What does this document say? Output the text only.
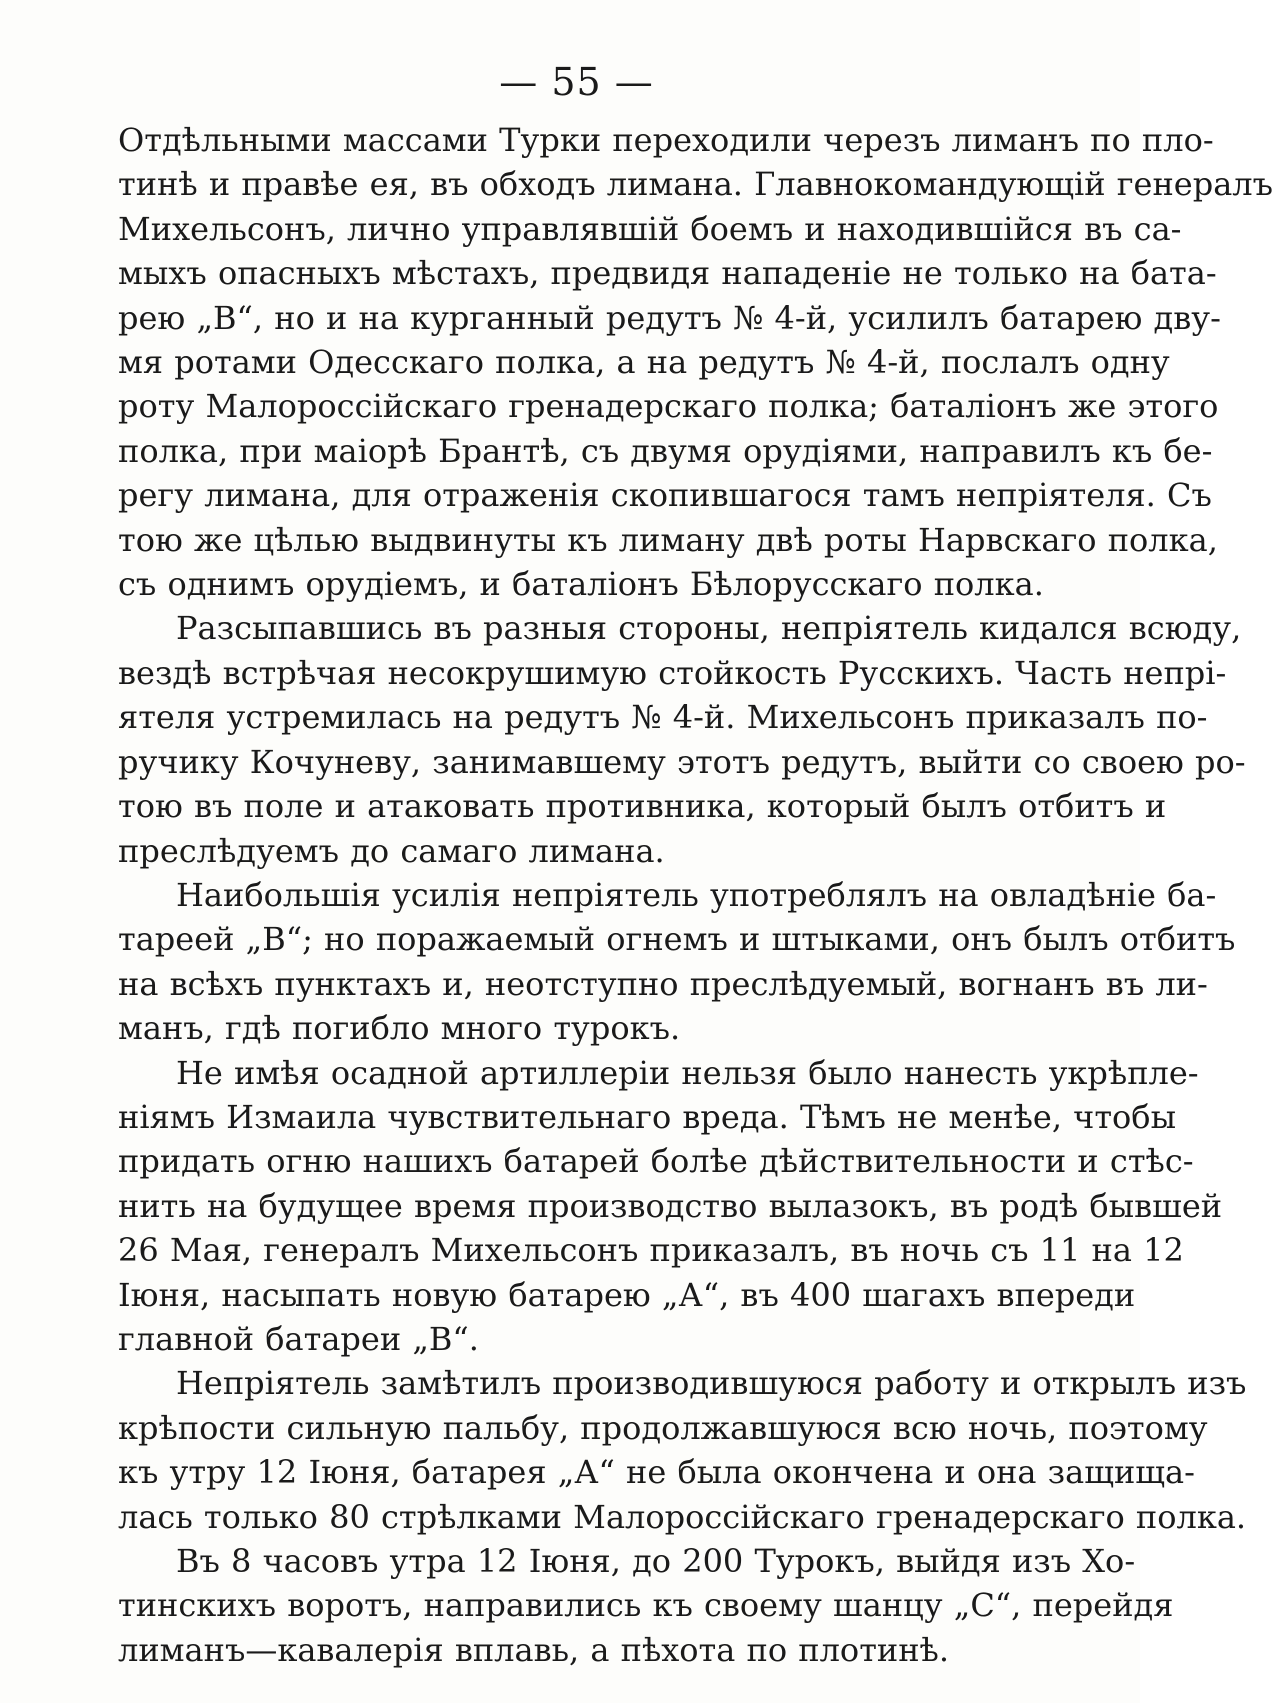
— 55 —

Отдѣльными массами Турки переходили черезъ лиманъ по пло-
тинѣ и правѣе ея, въ обходъ лимана. Главнокомандующій генералъ
Михельсонъ, лично управлявшій боемъ и находившійся въ са-
мыхъ опасныхъ мѣстахъ, предвидя нападеніе не только на бата-
рею „В“, но и на курганный редутъ № 4-й, усилилъ батарею дву-
мя ротами Одесскаго полка, а на редутъ № 4-й, послалъ одну
роту Малороссійскаго гренадерскаго полка; баталіонъ же этого
полка, при маіорѣ Брантѣ, съ двумя орудіями, направилъ къ бе-
регу лимана, для отраженія скопившагося тамъ непріятеля. Съ
тою же цѣлью выдвинуты къ лиману двѣ роты Нарвскаго полка,
съ однимъ орудіемъ, и баталіонъ Бѣлорусскаго полка.

Разсыпавшись въ разныя стороны, непріятель кидался всюду,
вездѣ встрѣчая несокрушимую стойкость Русскихъ. Часть непрі-
ятеля устремилась на редутъ № 4-й. Михельсонъ приказалъ по-
ручику Кочуневу, занимавшему этотъ редутъ, выйти со своею ро-
тою въ поле и атаковать противника, который былъ отбитъ и
преслѣдуемъ до самаго лимана.

Наибольшія усилія непріятель употреблялъ на овладѣніе ба-
тареей „В“; но поражаемый огнемъ и штыками, онъ былъ отбитъ
на всѣхъ пунктахъ и, неотступно преслѣдуемый, вогнанъ въ ли-
манъ, гдѣ погибло много турокъ.

Не имѣя осадной артиллеріи нельзя было нанесть укрѣпле-
ніямъ Измаила чувствительнаго вреда. Тѣмъ не менѣе, чтобы
придать огню нашихъ батарей болѣе дѣйствительности и стѣс-
нить на будущее время производство вылазокъ, въ родѣ бывшей
26 Мая, генералъ Михельсонъ приказалъ, въ ночь съ 11 на 12
Іюня, насыпать новую батарею „А“, въ 400 шагахъ впереди
главной батареи „В“.

Непріятель замѣтилъ производившуюся работу и открылъ изъ
крѣпости сильную пальбу, продолжавшуюся всю ночь, поэтому
къ утру 12 Іюня, батарея „А“ не была окончена и она защища-
лась только 80 стрѣлками Малороссійскаго гренадерскаго полка.

Въ 8 часовъ утра 12 Іюня, до 200 Турокъ, выйдя изъ Хо-
тинскихъ воротъ, направились къ своему шанцу „С“, перейдя
лиманъ—кавалерія вплавь, а пѣхота по плотинѣ.
